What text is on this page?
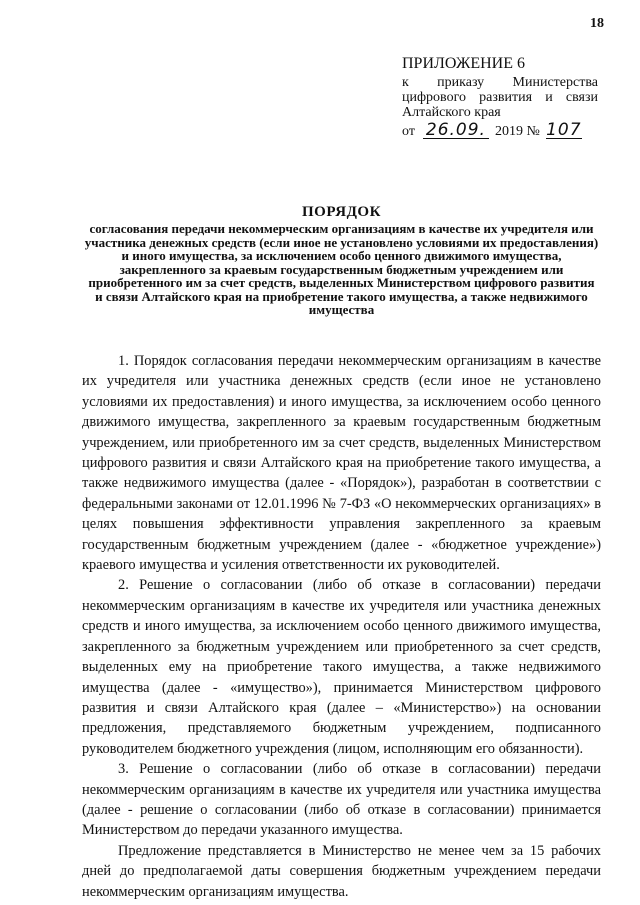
18
ПРИЛОЖЕНИЕ 6
к приказу Министерства
цифрового развития и связи
Алтайского края
от 26.09. 2019 № 107
ПОРЯДОК
согласования передачи некоммерческим организациям в качестве их учредителя или участника денежных средств (если иное не установлено условиями их предоставления) и иного имущества, за исключением особо ценного движимого имущества, закрепленного за краевым государственным бюджетным учреждением или приобретенного им за счет средств, выделенных Министерством цифрового развития и связи Алтайского края на приобретение такого имущества, а также недвижимого имущества

1. Порядок согласования передачи некоммерческим организациям в качестве их учредителя или участника денежных средств (если иное не установлено условиями их предоставления) и иного имущества, за исключением особо ценного движимого имущества, закрепленного за краевым государственным бюджетным учреждением, или приобретенного им за счет средств, выделенных Министерством цифрового развития и связи Алтайского края на приобретение такого имущества, а также недвижимого имущества (далее - «Порядок»), разработан в соответствии с федеральными законами от 12.01.1996 № 7-ФЗ «О некоммерческих организациях» в целях повышения эффективности управления закрепленного за краевым государственным бюджетным учреждением (далее - «бюджетное учреждение») краевого имущества и усиления ответственности их руководителей.

2. Решение о согласовании (либо об отказе в согласовании) передачи некоммерческим организациям в качестве их учредителя или участника денежных средств и иного имущества, за исключением особо ценного движимого имущества, закрепленного за бюджетным учреждением или приобретенного за счет средств, выделенных ему на приобретение такого имущества, а также недвижимого имущества (далее - «имущество»), принимается Министерством цифрового развития и связи Алтайского края (далее – «Министерство») на основании предложения, представляемого бюджетным учреждением, подписанного руководителем бюджетного учреждения (лицом, исполняющим его обязанности).

3. Решение о согласовании (либо об отказе в согласовании) передачи некоммерческим организациям в качестве их учредителя или участника имущества (далее - решение о согласовании (либо об отказе в согласовании) принимается Министерством до передачи указанного имущества.

Предложение представляется в Министерство не менее чем за 15 рабочих дней до предполагаемой даты совершения бюджетным учреждением передачи некоммерческим организациям имущества.
